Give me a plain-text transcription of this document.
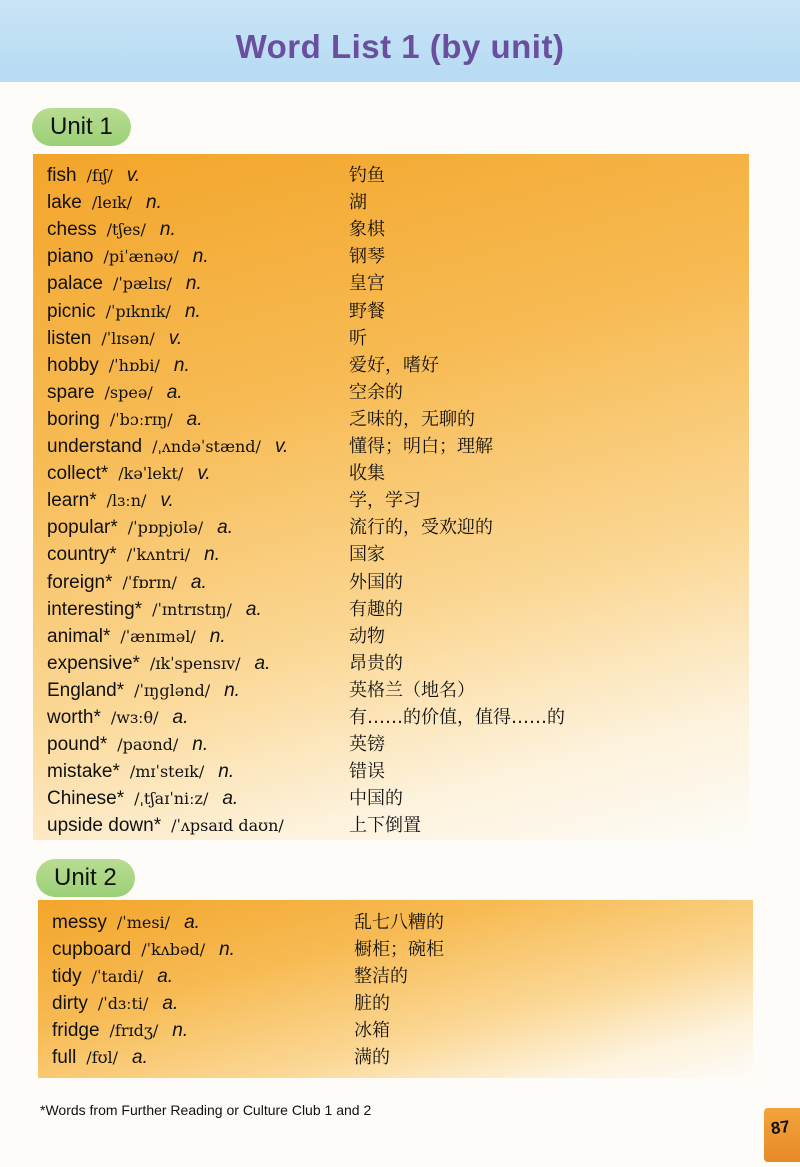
Word List 1 (by unit)
Unit 1
fish /fɪʃ/ v.	钓鱼
lake /leɪk/ n.	湖
chess /tʃes/ n.	象棋
piano /piˈænəʊ/ n.	钢琴
palace /ˈpælɪs/ n.	皇宫
picnic /ˈpɪknɪk/ n.	野餐
listen /ˈlɪsən/ v.	听
hobby /ˈhɒbi/ n.	爱好，嗜好
spare /speə/ a.	空余的
boring /ˈbɔːrɪŋ/ a.	乏味的，无聊的
understand /ˌʌndəˈstænd/ v.	懂得；明白；理解
collect* /kəˈlekt/ v.	收集
learn* /lɜːn/ v.	学，学习
popular* /ˈpɒpjʊlə/ a.	流行的，受欢迎的
country* /ˈkʌntri/ n.	国家
foreign* /ˈfɒrɪn/ a.	外国的
interesting* /ˈɪntrɪstɪŋ/ a.	有趣的
animal* /ˈænɪməl/ n.	动物
expensive* /ɪkˈspensɪv/ a.	昂贵的
England* /ˈɪŋglənd/ n.	英格兰（地名）
worth* /wɜːθ/ a.	有……的价值，值得……的
pound* /paʊnd/ n.	英镑
mistake* /mɪˈsteɪk/ n.	错误
Chinese* /ˌtʃaɪˈniːz/ a.	中国的
upside down* /ˈʌpsaɪd daʊn/	上下倒置
Unit 2
messy /ˈmesi/ a.	乱七八糟的
cupboard /ˈkʌbəd/ n.	橱柜；碗柜
tidy /ˈtaɪdi/ a.	整洁的
dirty /ˈdɜːti/ a.	脏的
fridge /frɪdʒ/ n.	冰箱
full /fʊl/ a.	满的
*Words from Further Reading or Culture Club 1 and 2
87
